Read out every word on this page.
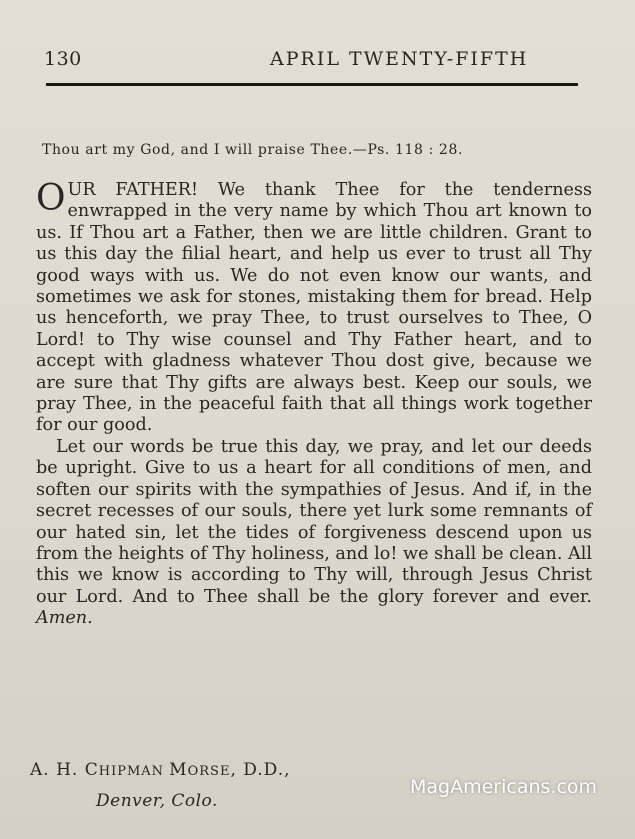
130	APRIL TWENTY-FIFTH
Thou art my God, and I will praise Thee.—Ps. 118 : 28.

OUR FATHER! We thank Thee for the tenderness enwrapped in the very name by which Thou art known to us. If Thou art a Father, then we are little children. Grant to us this day the filial heart, and help us ever to trust all Thy good ways with us. We do not even know our wants, and sometimes we ask for stones, mistaking them for bread. Help us henceforth, we pray Thee, to trust ourselves to Thee, O Lord! to Thy wise counsel and Thy Father heart, and to accept with gladness whatever Thou dost give, because we are sure that Thy gifts are always best. Keep our souls, we pray Thee, in the peaceful faith that all things work together for our good.

Let our words be true this day, we pray, and let our deeds be upright. Give to us a heart for all conditions of men, and soften our spirits with the sympathies of Jesus. And if, in the secret recesses of our souls, there yet lurk some remnants of our hated sin, let the tides of forgiveness descend upon us from the heights of Thy holiness, and lo! we shall be clean. All this we know is according to Thy will, through Jesus Christ our Lord. And to Thee shall be the glory forever and ever. Amen.

A. H. CHIPMAN MORSE, D.D.,
Denver, Colo.
MagAmericans.com
